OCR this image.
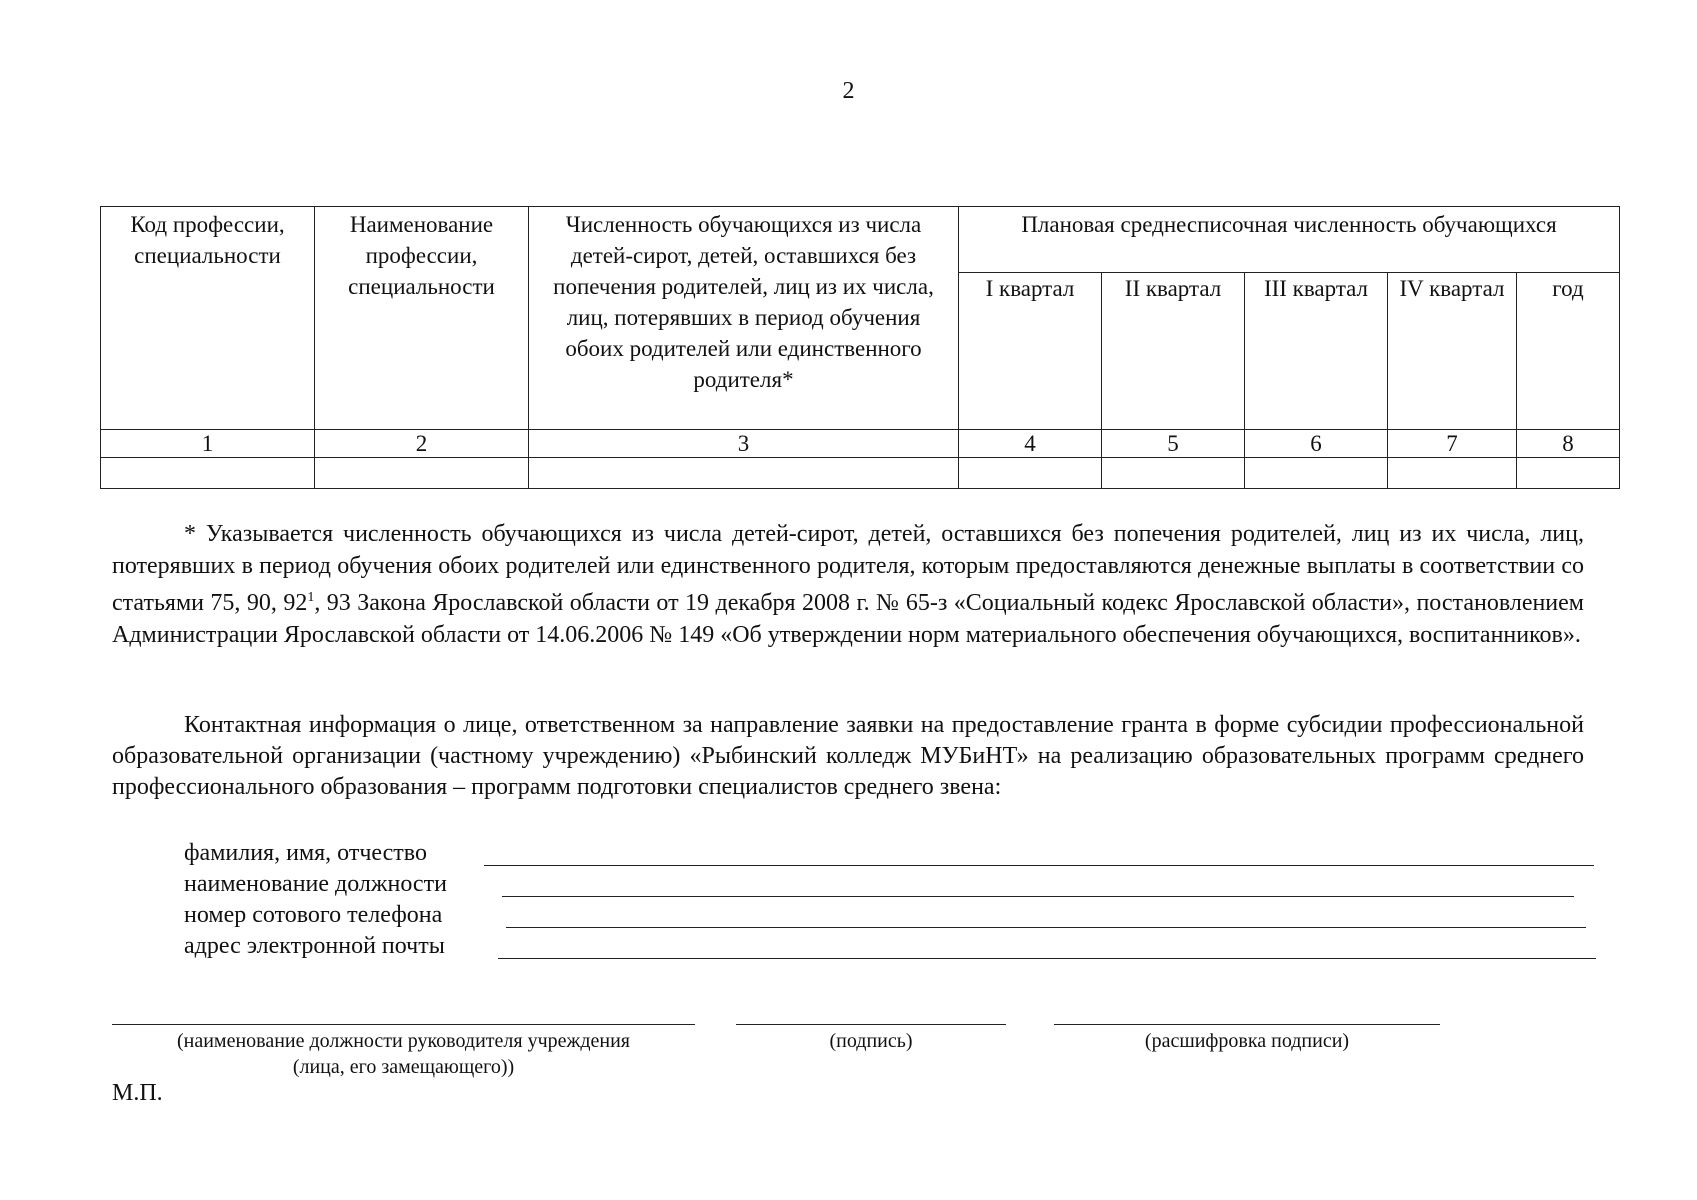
2
Код профессии, специальности	Наименование профессии, специальности	Численность обучающихся из числа детей-сирот, детей, оставшихся без попечения родителей, лиц из их числа, лиц, потерявших в период обучения обоих родителей или единственного родителя*	Плановая среднесписочная численность обучающихся				
			I квартал	II квартал	III квартал	IV квартал	год
1	2	3	4	5	6	7	8

* Указывается численность обучающихся из числа детей-сирот, детей, оставшихся без попечения родителей, лиц из их числа, лиц, потерявших в период обучения обоих родителей или единственного родителя, которым предоставляются денежные выплаты в соответствии со статьями 75, 90, $92^1$, 93 Закона Ярославской области от 19 декабря 2008 г. № 65-з «Социальный кодекс Ярославской области», постановлением Администрации Ярославской области от 14.06.2006 № 149 «Об утверждении норм материального обеспечения обучающихся, воспитанников».

Контактная информация о лице, ответственном за направление заявки на предоставление гранта в форме субсидии профессиональной образовательной организации (частному учреждению) «Рыбинский колледж МУБиНТ» на реализацию образовательных программ среднего профессионального образования – программ подготовки специалистов среднего звена:

фамилия, имя, отчество
наименование должности
номер сотового телефона
адрес электронной почты
(наименование должности руководителя учреждения
(лица, его замещающего))
(подпись)	(расшифровка подписи)
М.П.
